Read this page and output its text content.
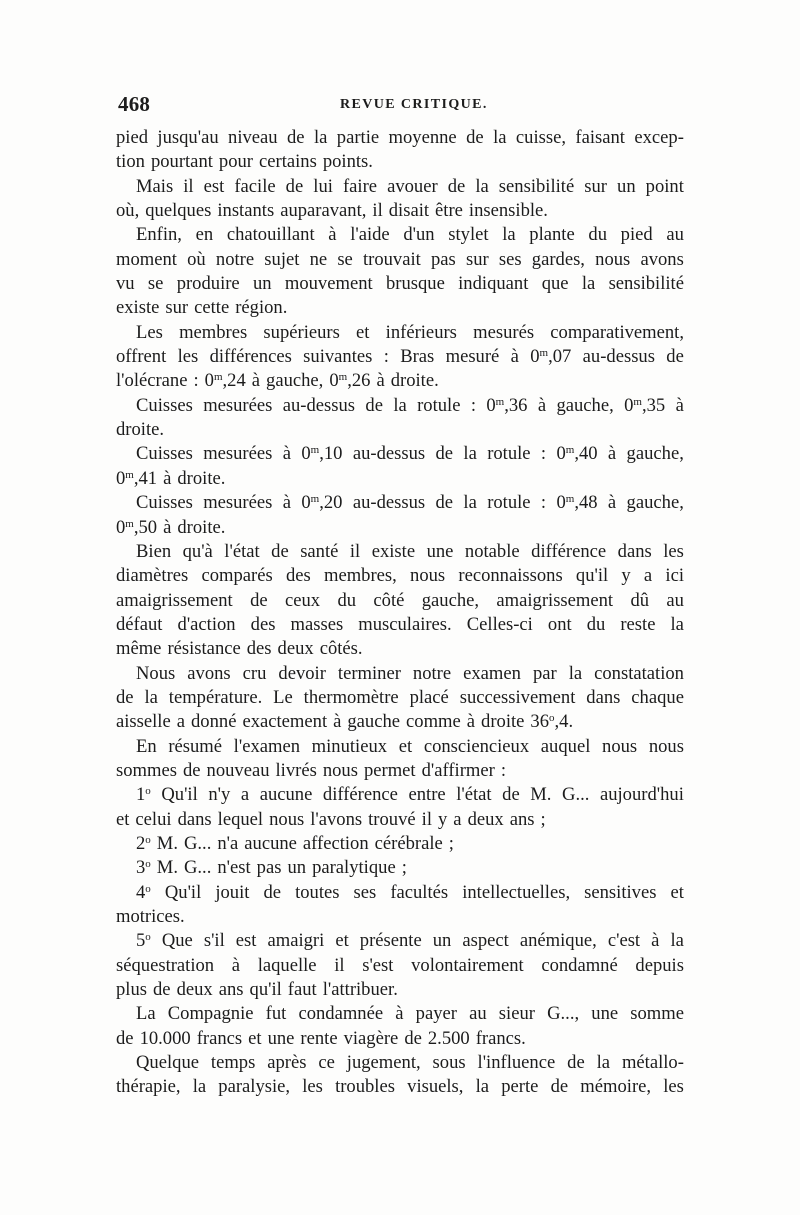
468	REVUE CRITIQUE.
pied jusqu'au niveau de la partie moyenne de la cuisse, faisant excep-
tion pourtant pour certains points.
Mais il est facile de lui faire avouer de la sensibilité sur un point
où, quelques instants auparavant, il disait être insensible.
Enfin, en chatouillant à l'aide d'un stylet la plante du pied au
moment où notre sujet ne se trouvait pas sur ses gardes, nous avons
vu se produire un mouvement brusque indiquant que la sensibilité
existe sur cette région.
Les membres supérieurs et inférieurs mesurés comparativement,
offrent les différences suivantes : Bras mesuré à 0$^m$,07 au-dessus de
l'olécrane : 0$^m$,24 à gauche, 0$^m$,26 à droite.
Cuisses mesurées au-dessus de la rotule : 0$^m$,36 à gauche, 0$^m$,35 à
droite.
Cuisses mesurées à 0$^m$,10 au-dessus de la rotule : 0$^m$,40 à gauche,
0$^m$,41 à droite.
Cuisses mesurées à 0$^m$,20 au-dessus de la rotule : 0$^m$,48 à gauche,
0$^m$,50 à droite.
Bien qu'à l'état de santé il existe une notable différence dans les
diamètres comparés des membres, nous reconnaissons qu'il y a ici
amaigrissement de ceux du côté gauche, amaigrissement dû au
défaut d'action des masses musculaires. Celles-ci ont du reste la
même résistance des deux côtés.
Nous avons cru devoir terminer notre examen par la constatation
de la température. Le thermomètre placé successivement dans chaque
aisselle a donné exactement à gauche comme à droite 36$^o$,4.
En résumé l'examen minutieux et consciencieux auquel nous nous
sommes de nouveau livrés nous permet d'affirmer :
1$^o$ Qu'il n'y a aucune différence entre l'état de M. G... aujourd'hui
et celui dans lequel nous l'avons trouvé il y a deux ans ;
2$^o$ M. G... n'a aucune affection cérébrale ;
3$^o$ M. G... n'est pas un paralytique ;
4$^o$ Qu'il jouit de toutes ses facultés intellectuelles, sensitives et
motrices.
5$^o$ Que s'il est amaigri et présente un aspect anémique, c'est à la
séquestration à laquelle il s'est volontairement condamné depuis
plus de deux ans qu'il faut l'attribuer.
La Compagnie fut condamnée à payer au sieur G..., une somme
de 10.000 francs et une rente viagère de 2.500 francs.
Quelque temps après ce jugement, sous l'influence de la métallo-
thérapie, la paralysie, les troubles visuels, la perte de mémoire, les
